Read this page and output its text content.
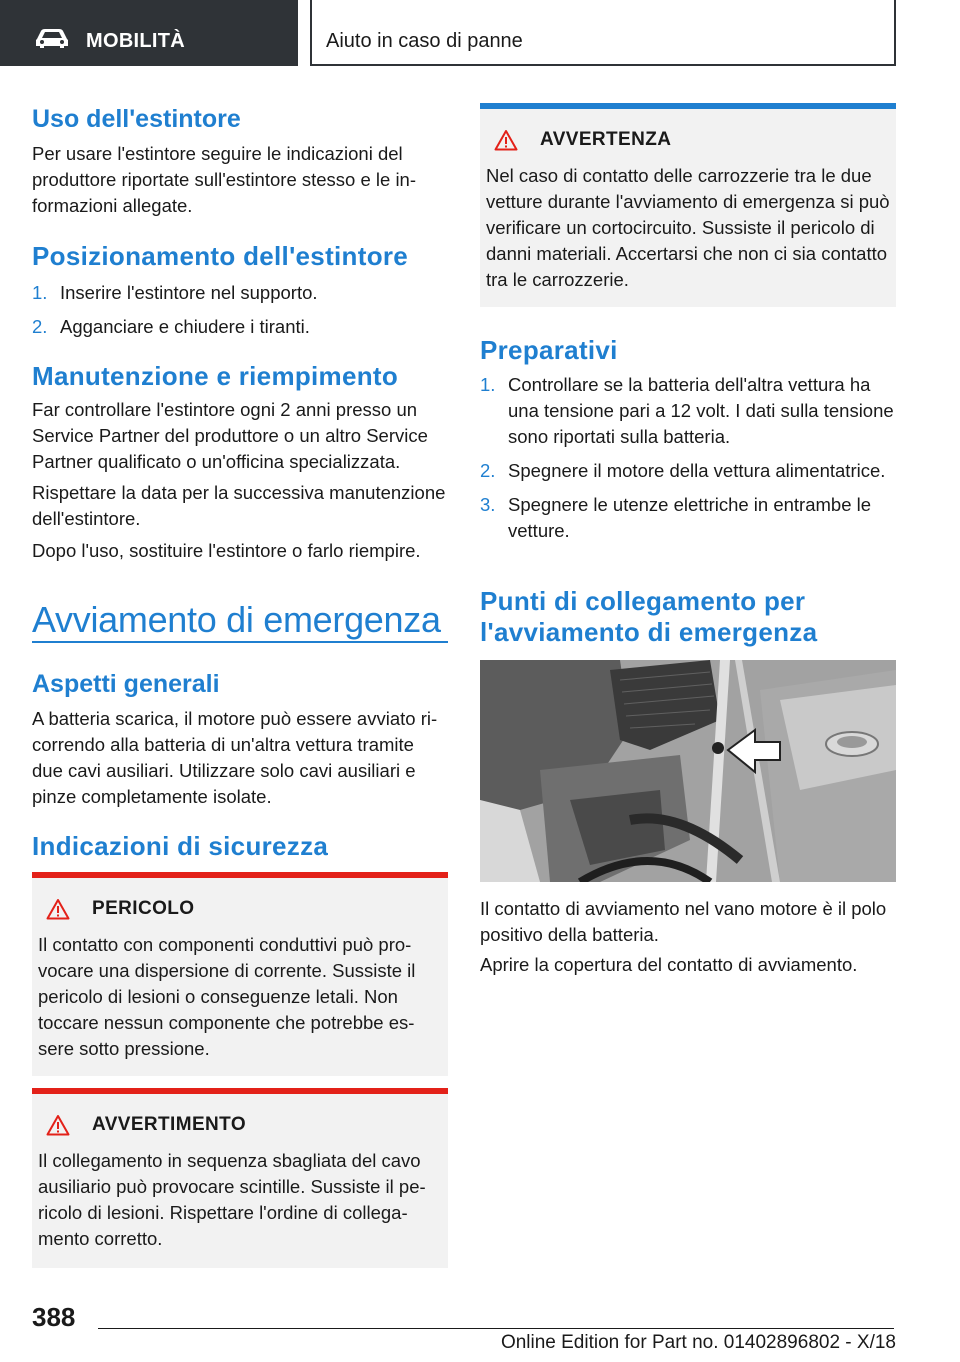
MOBILITÀ	Aiuto in caso di panne
Uso dell'estintore
Per usare l'estintore seguire le indicazioni del produttore riportate sull'estintore stesso e le informazioni allegate.
Posizionamento dell'estintore
1. Inserire l'estintore nel supporto.
2. Agganciare e chiudere i tiranti.
Manutenzione e riempimento
Far controllare l'estintore ogni 2 anni presso un Service Partner del produttore o un altro Service Partner qualificato o un'officina specializzata.
Rispettare la data per la successiva manutenzione dell'estintore.
Dopo l'uso, sostituire l'estintore o farlo riempire.
Avviamento di emergenza
Aspetti generali
A batteria scarica, il motore può essere avviato ricorrendo alla batteria di un'altra vettura tramite due cavi ausiliari. Utilizzare solo cavi ausiliari e pinze completamente isolate.
Indicazioni di sicurezza
PERICOLO
Il contatto con componenti conduttivi può provocare una dispersione di corrente. Sussiste il pericolo di lesioni o conseguenze letali. Non toccare nessun componente che potrebbe essere sotto pressione.
AVVERTIMENTO
Il collegamento in sequenza sbagliata del cavo ausiliario può provocare scintille. Sussiste il pericolo di lesioni. Rispettare l'ordine di collegamento corretto.
AVVERTENZA
Nel caso di contatto delle carrozzerie tra le due vetture durante l'avviamento di emergenza si può verificare un cortocircuito. Sussiste il pericolo di danni materiali. Accertarsi che non ci sia contatto tra le carrozzerie.
Preparativi
1. Controllare se la batteria dell'altra vettura ha una tensione pari a 12 volt. I dati sulla tensione sono riportati sulla batteria.
2. Spegnere il motore della vettura alimentatrice.
3. Spegnere le utenze elettriche in entrambe le vetture.
Punti di collegamento per l'avviamento di emergenza
Il contatto di avviamento nel vano motore è il polo positivo della batteria.
Aprire la copertura del contatto di avviamento.
388
Online Edition for Part no. 01402896802 - X/18
